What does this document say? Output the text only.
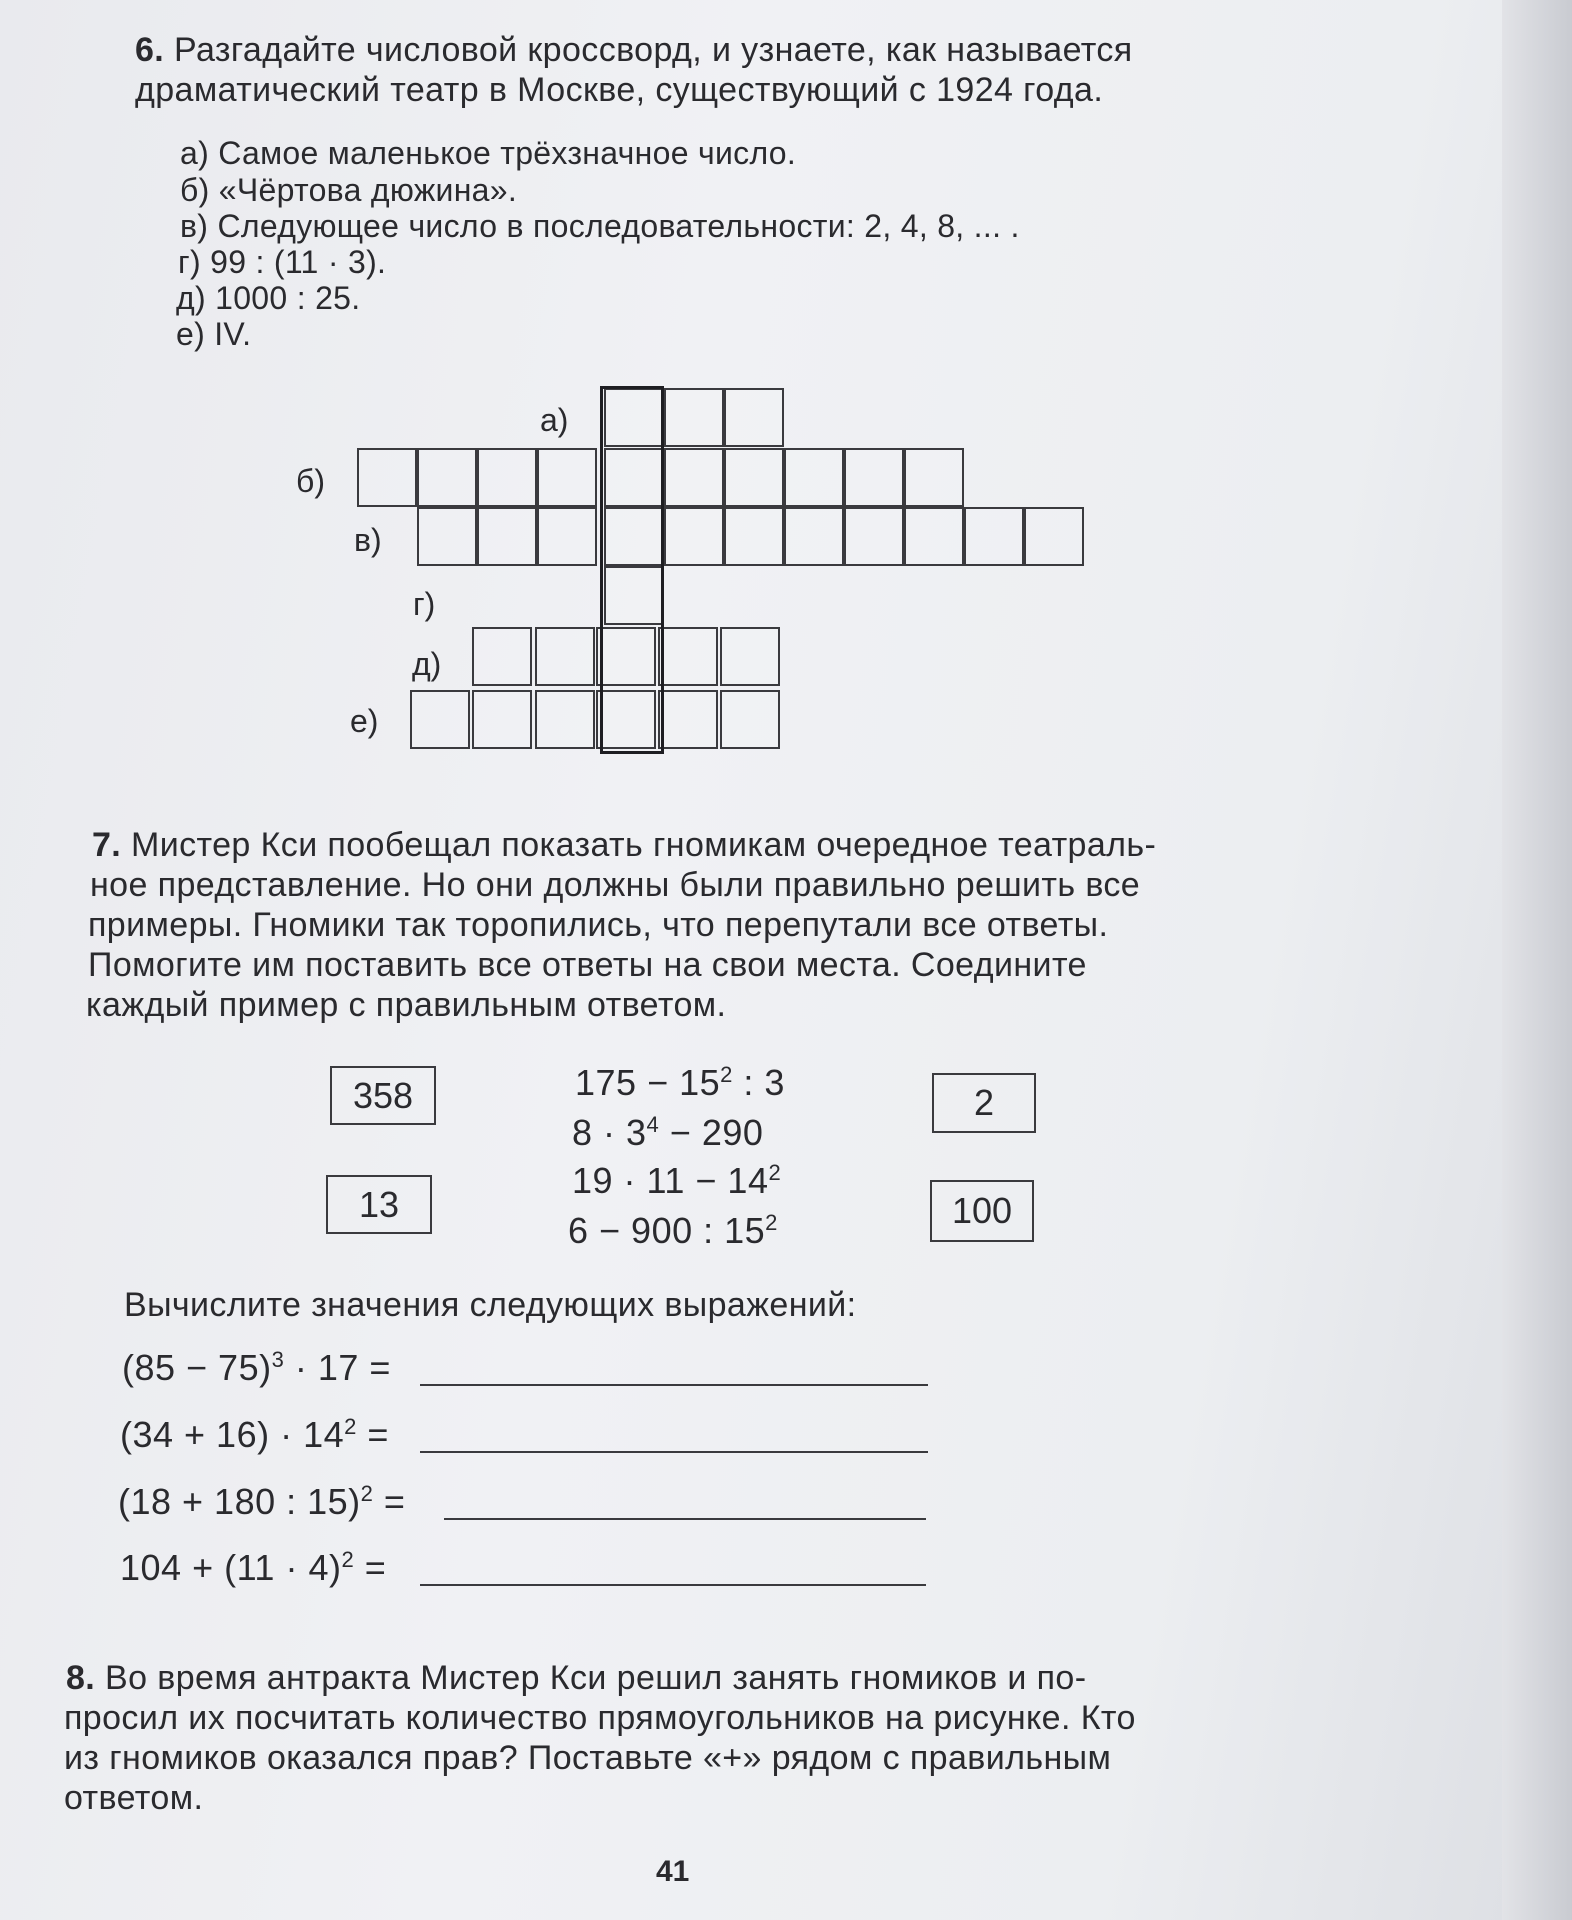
6. Разгадайте числовой кроссворд, и узнаете, как называется
драматический театр в Москве, существующий с 1924 года.
а) Самое маленькое трёхзначное число.
б) «Чёртова дюжина».
в) Следующее число в последовательности: 2, 4, 8, ... .
г) 99 : (11 · 3).
д) 1000 : 25.
е) IV.
а)
б)
в)
г)
д)
е)
7. Мистер Кси пообещал показать гномикам очередное театраль-
ное представление. Но они должны были правильно решить все
примеры. Гномики так торопились, что перепутали все ответы.
Помогите им поставить все ответы на свои места. Соедините
каждый пример с правильным ответом.
358
13
2
100
$175 - 15^2$ : 3
$8 \cdot 3^4 - 290$
$19 \cdot 11 - 14^2$
6 − 900 : $15^2$
Вычислите значения следующих выражений:
$(85 - 75)^3 \cdot 17$ =
$(34 + 16) \cdot 14^2$ =
(18 + 180 : 15)$^2$ =
$104 + (11 \cdot 4)^2$ =
8. Во время антракта Мистер Кси решил занять гномиков и по-
просил их посчитать количество прямоугольников на рисунке. Кто
из гномиков оказался прав? Поставьте «+» рядом с правильным
ответом.
41
